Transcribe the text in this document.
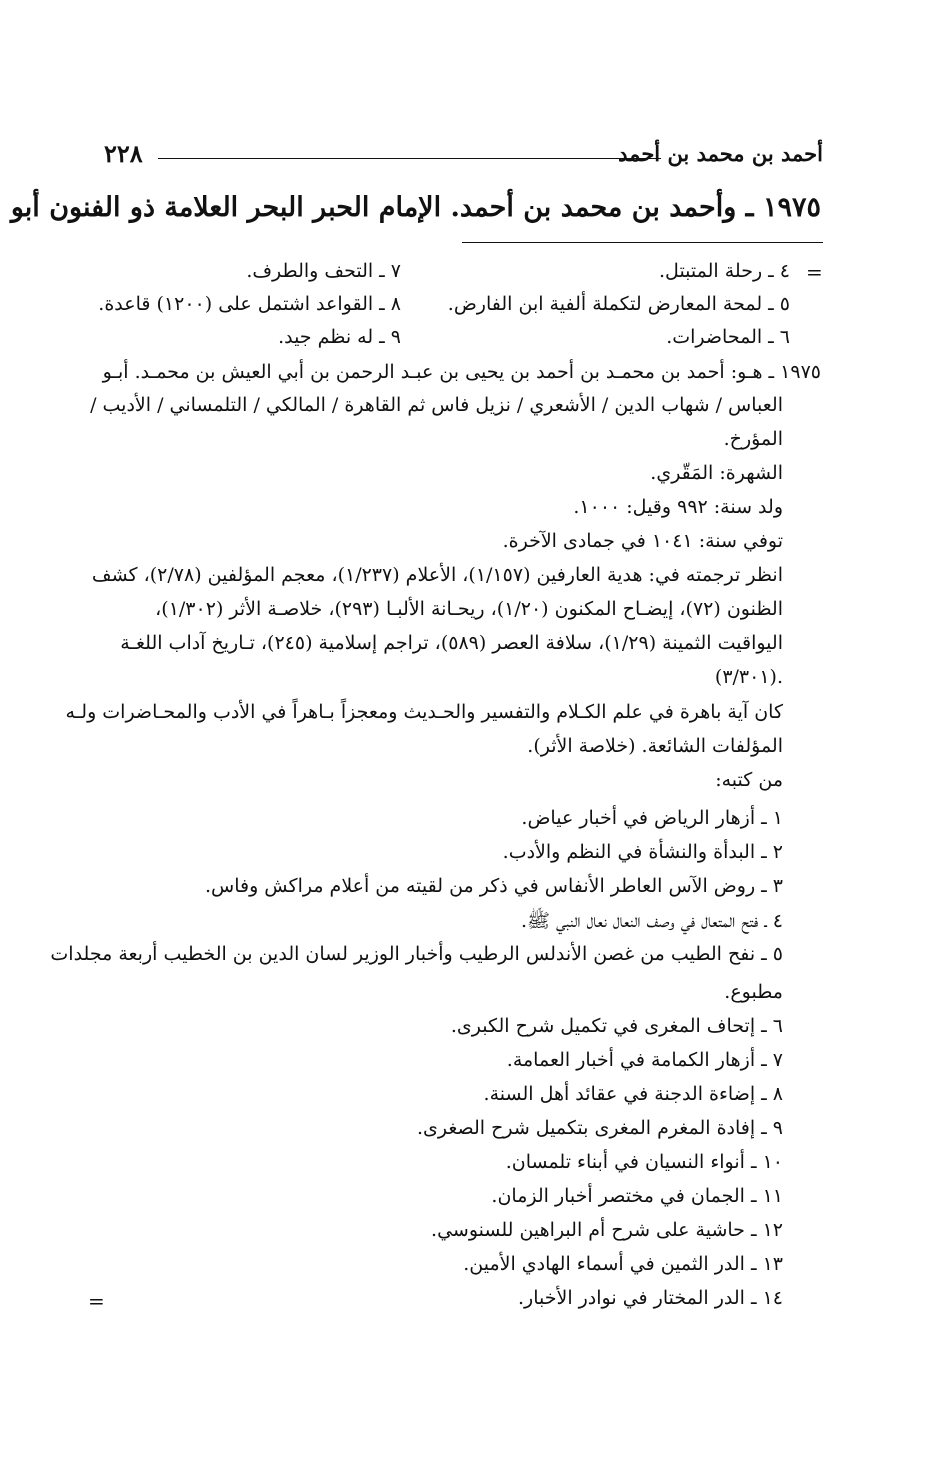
أحمد بن محمد بن أحمد
٢٢٨
١٩٧٥ ـ وأحمد بن محمد بن أحمد. الإمام الحبر البحر العلامة ذو الفنون أبو
=
٤ ـ رحلة المتبتل.
٥ ـ لمحة المعارض لتكملة ألفية ابن الفارض.
٦ ـ المحاضرات.
٧ ـ التحف والطرف.
٨ ـ القواعد اشتمل على (١٢٠٠) قاعدة.
٩ ـ له نظم جيد.
١٩٧٥ ـ هـو: أحمد بن محمـد بن أحمد بن يحيى بن عبـد الرحمن بن أبي العيش بن محمـد. أبـو
العباس / شهاب الدين / الأشعري / نزيل فاس ثم القاهرة / المالكي / التلمساني / الأديب /
المؤرخ.
الشهرة: المَقّري.
ولد سنة: ٩٩٢ وقيل: ١٠٠٠.
توفي سنة: ١٠٤١ في جمادى الآخرة.
انظر ترجمته في: هدية العارفين (١/١٥٧)، الأعلام (١/٢٣٧)، معجم المؤلفين (٢/٧٨)، كشف
الظنون (٧٢)، إيضـاح المكنون (١/٢٠)، ريحـانة الألبـا (٢٩٣)، خلاصـة الأثر (١/٣٠٢)،
اليواقيت الثمينة (١/٢٩)، سلافة العصر (٥٨٩)، تراجم إسلامية (٢٤٥)، تـاريخ آداب اللغـة
(٣/٣٠١).
كان آية باهرة في علم الكـلام والتفسير والحـديث ومعجزاً بـاهراً في الأدب والمحـاضرات ولـه
المؤلفات الشائعة. (خلاصة الأثر).
من كتبه:
١ ـ أزهار الرياض في أخبار عياض.
٢ ـ البدأة والنشأة في النظم والأدب.
٣ ـ روض الآس العاطر الأنفاس في ذكر من لقيته من أعلام مراكش وفاس.
٤ ـ فتح المتعال في وصف النعال نعال النبي ﷺ.
٥ ـ نفح الطيب من غصن الأندلس الرطيب وأخبار الوزير لسان الدين بن الخطيب أربعة مجلدات
مطبوع.
٦ ـ إتحاف المغرى في تكميل شرح الكبرى.
٧ ـ أزهار الكمامة في أخبار العمامة.
٨ ـ إضاءة الدجنة في عقائد أهل السنة.
٩ ـ إفادة المغرم المغرى بتكميل شرح الصغرى.
١٠ ـ أنواء النسيان في أبناء تلمسان.
١١ ـ الجمان في مختصر أخبار الزمان.
١٢ ـ حاشية على شرح أم البراهين للسنوسي.
١٣ ـ الدر الثمين في أسماء الهادي الأمين.
١٤ ـ الدر المختار في نوادر الأخبار.
=
